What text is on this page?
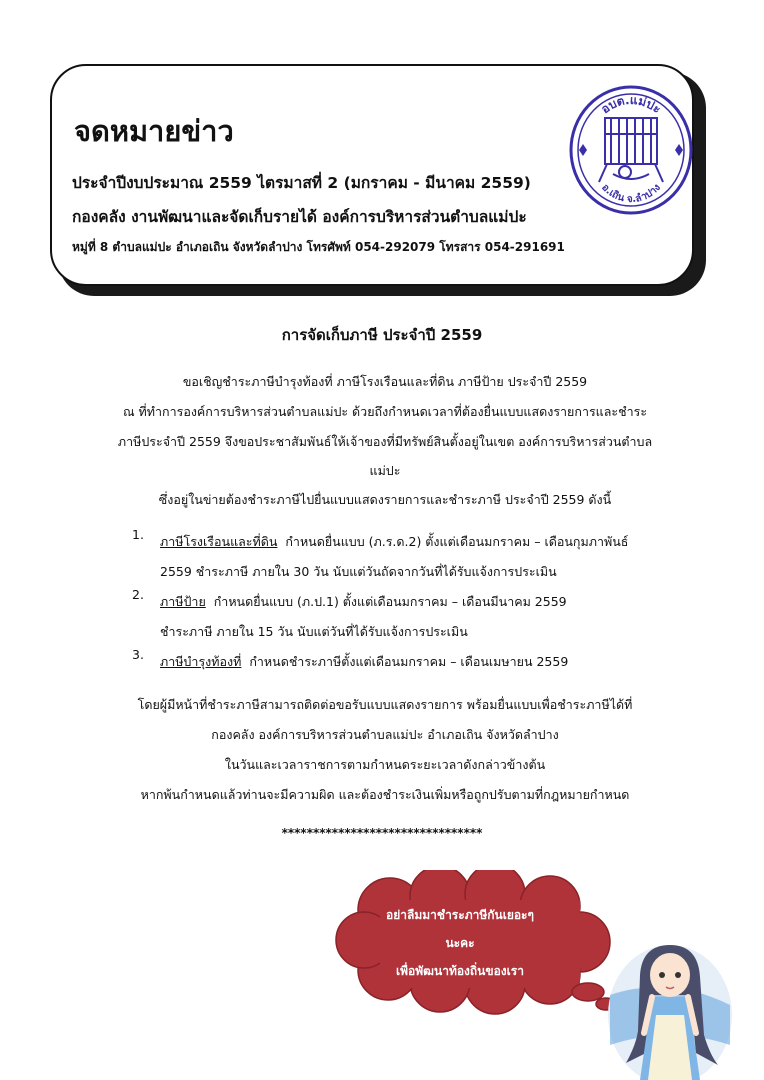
จดหมายข่าว

ประจำปีงบประมาณ 2559 ไตรมาสที่ 2 (มกราคม - มีนาคม 2559)

กองคลัง งานพัฒนาและจัดเก็บรายได้ องค์การบริหารส่วนตำบลแม่ปะ

หมู่ที่ 8 ตำบลแม่ปะ อำเภอเถิน จังหวัดลำปาง โทรศัพท์ 054-292079 โทรสาร 054-291691

อบต.แม่ปะ
อ.เถิน จ.ลำปาง

การจัดเก็บภาษี ประจำปี 2559

ขอเชิญชำระภาษีบำรุงท้องที่ ภาษีโรงเรือนและที่ดิน ภาษีป้าย ประจำปี 2559

ณ ที่ทำการองค์การบริหารส่วนตำบลแม่ปะ ด้วยถึงกำหนดเวลาที่ต้องยื่นแบบแสดงรายการและชำระ

ภาษีประจำปี 2559 จึงขอประชาสัมพันธ์ให้เจ้าของที่มีทรัพย์สินตั้งอยู่ในเขต องค์การบริหารส่วนตำบล

แม่ปะ

ซึ่งอยู่ในข่ายต้องชำระภาษีไปยื่นแบบแสดงรายการและชำระภาษี ประจำปี 2559 ดังนี้

1. ภาษีโรงเรือนและที่ดิน กำหนดยื่นแบบ (ภ.ร.ด.2) ตั้งแต่เดือนมกราคม – เดือนกุมภาพันธ์
2559 ชำระภาษี ภายใน 30 วัน นับแต่วันถัดจากวันที่ได้รับแจ้งการประเมิน
2. ภาษีป้าย กำหนดยื่นแบบ (ภ.ป.1) ตั้งแต่เดือนมกราคม – เดือนมีนาคม 2559
ชำระภาษี ภายใน 15 วัน นับแต่วันที่ได้รับแจ้งการประเมิน
3. ภาษีบำรุงท้องที่ กำหนดชำระภาษีตั้งแต่เดือนมกราคม – เดือนเมษายน 2559

โดยผู้มีหน้าที่ชำระภาษีสามารถติดต่อขอรับแบบแสดงรายการ พร้อมยื่นแบบเพื่อชำระภาษีได้ที่

กองคลัง องค์การบริหารส่วนตำบลแม่ปะ อำเภอเถิน จังหวัดลำปาง

ในวันและเวลาราชการตามกำหนดระยะเวลาดังกล่าวข้างต้น

หากพ้นกำหนดแล้วท่านจะมีความผิด และต้องชำระเงินเพิ่มหรือถูกปรับตามที่กฎหมายกำหนด

********************************

อย่าลืมมาชำระภาษีกันเยอะๆ

นะคะ

เพื่อพัฒนาท้องถิ่นของเรา
